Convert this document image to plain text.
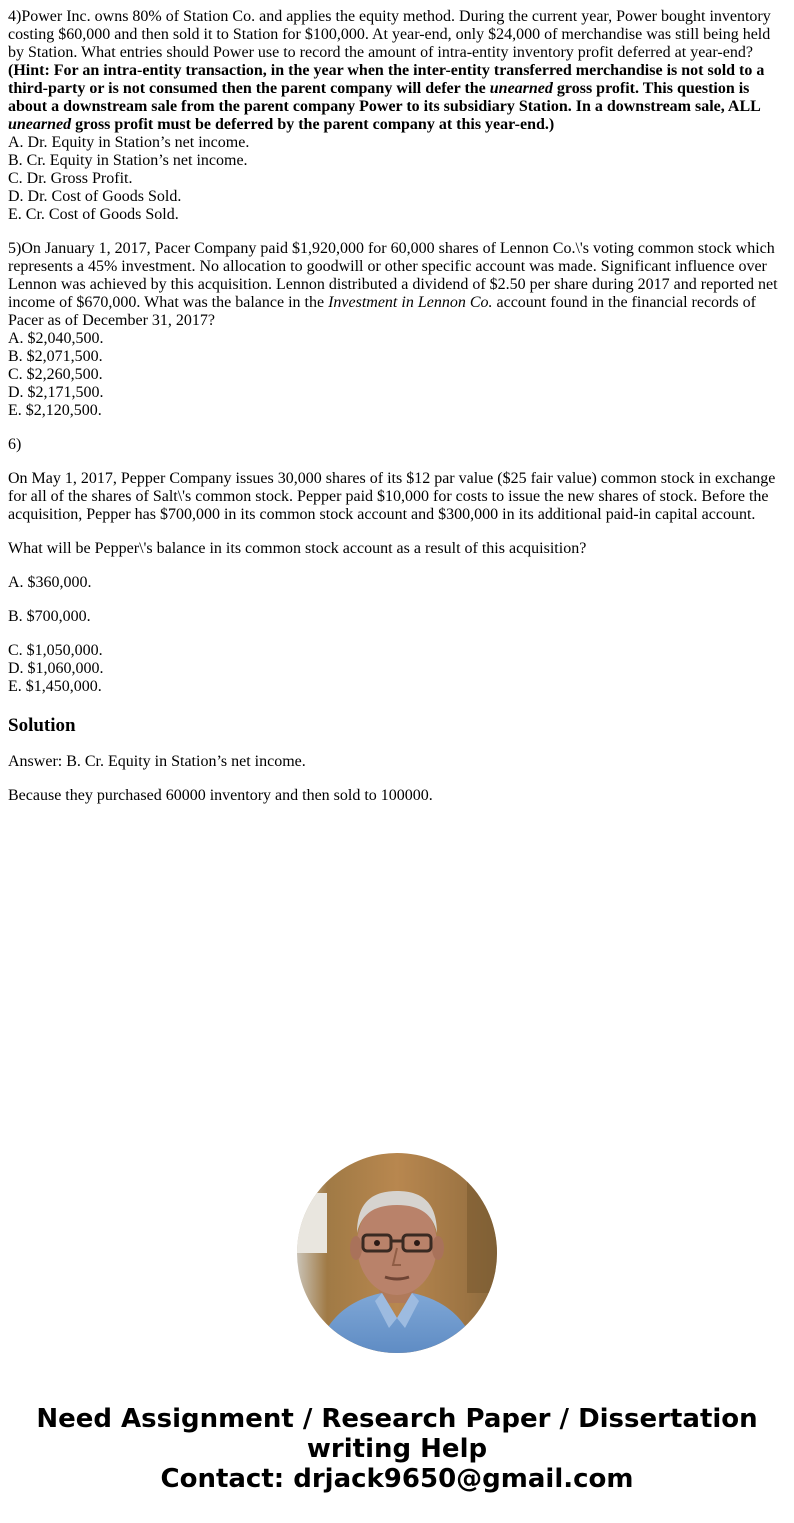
4)Power Inc. owns 80% of Station Co. and applies the equity method. During the current year, Power bought inventory costing $60,000 and then sold it to Station for $100,000. At year-end, only $24,000 of merchandise was still being held by Station. What entries should Power use to record the amount of intra-entity inventory profit deferred at year-end?

(Hint: For an intra-entity transaction, in the year when the inter-entity transferred merchandise is not sold to a third-party or is not consumed then the parent company will defer the unearned gross profit. This question is about a downstream sale from the parent company Power to its subsidiary Station. In a downstream sale, ALL unearned gross profit must be deferred by the parent company at this year-end.)

A. Dr. Equity in Station’s net income.

B. Cr. Equity in Station’s net income.

C. Dr. Gross Profit.

D. Dr. Cost of Goods Sold.

E. Cr. Cost of Goods Sold.

5)On January 1, 2017, Pacer Company paid $1,920,000 for 60,000 shares of Lennon Co.\'s voting common stock which represents a 45% investment. No allocation to goodwill or other specific account was made. Significant influence over Lennon was achieved by this acquisition. Lennon distributed a dividend of $2.50 per share during 2017 and reported net income of $670,000. What was the balance in the Investment in Lennon Co. account found in the financial records of Pacer as of December 31, 2017?

A. $2,040,500.

B. $2,071,500.

C. $2,260,500.

D. $2,171,500.

E. $2,120,500.

6)

On May 1, 2017, Pepper Company issues 30,000 shares of its $12 par value ($25 fair value) common stock in exchange for all of the shares of Salt\'s common stock. Pepper paid $10,000 for costs to issue the new shares of stock. Before the acquisition, Pepper has $700,000 in its common stock account and $300,000 in its additional paid-in capital account.

What will be Pepper\'s balance in its common stock account as a result of this acquisition?

A. $360,000.

B. $700,000.

C. $1,050,000.

D. $1,060,000.

E. $1,450,000.

Solution

Answer: B. Cr. Equity in Station’s net income.

Because they purchased 60000 inventory and then sold to 100000.

Need Assignment / Research Paper / Dissertation
writing Help
Contact: drjack9650@gmail.com
